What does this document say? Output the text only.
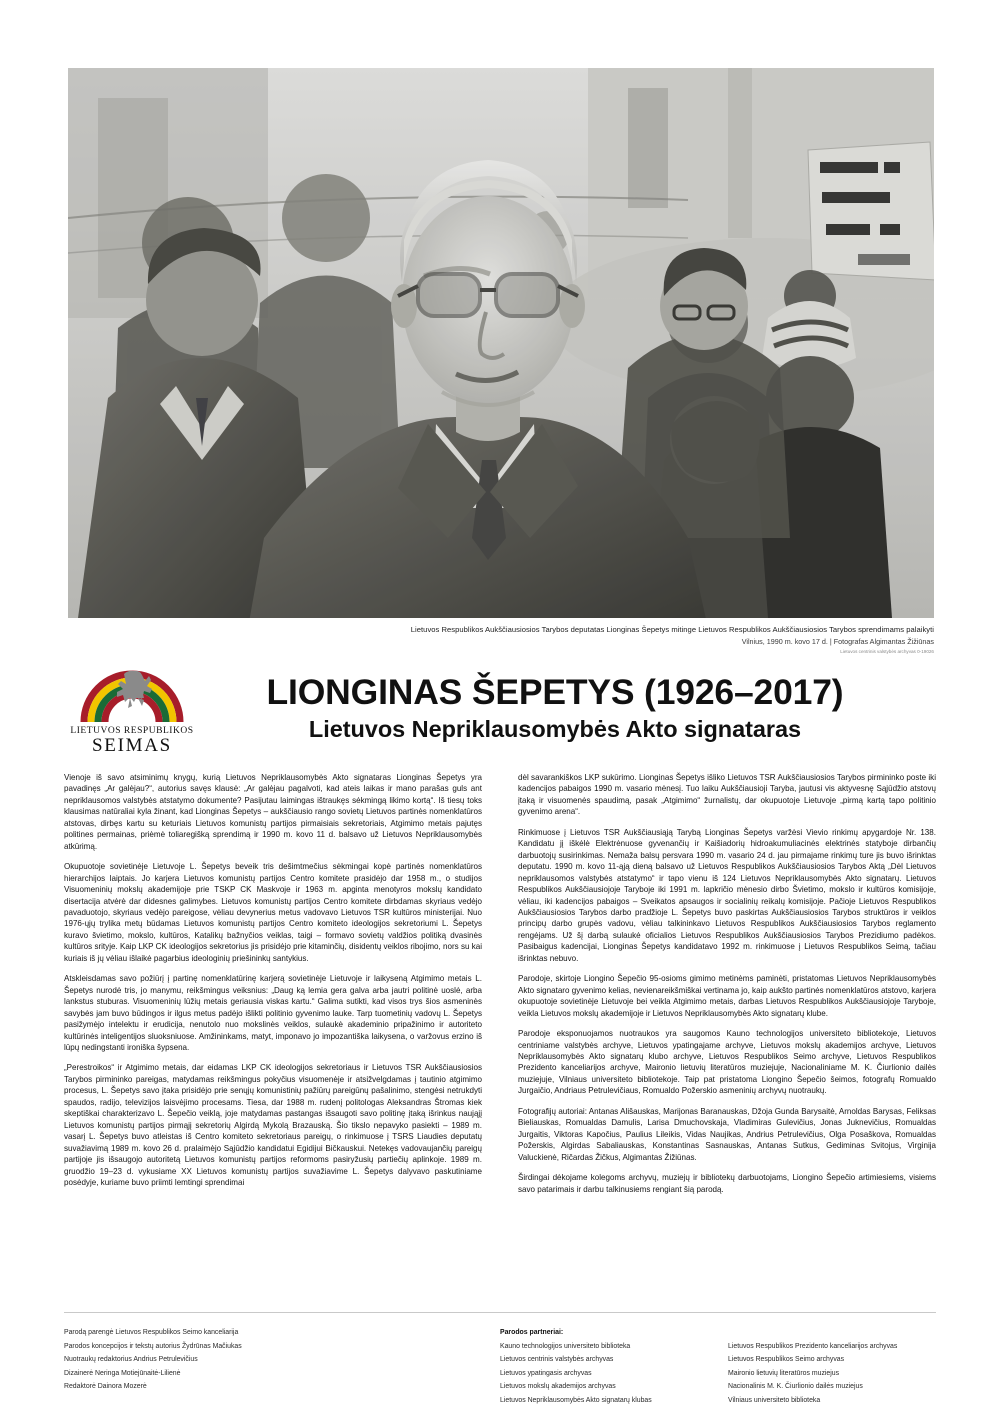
Lietuvos Respublikos Aukščiausiosios Tarybos deputatas Lionginas Šepetys mitinge Lietuvos Respublikos Aukščiausiosios Tarybos sprendimams palaikyti
Vilnius, 1990 m. kovo 17 d. | Fotografas Algimantas Žižiūnas
Lietuvos centrinis valstybės archyvas 0-19026
LIETUVOS RESPUBLIKOS
SEIMAS
LIONGINAS ŠEPETYS (1926–2017)
Lietuvos Nepriklausomybės Akto signataras

Vienoje iš savo atsiminimų knygų, kurią Lietuvos Nepriklausomybės Akto signataras Lionginas Šepetys yra pavadinęs „Ar galėjau?“, autorius savęs klausė: „Ar galėjau pagalvoti, kad ateis laikas ir mano parašas guls ant nepriklausomos valstybės atstatymo dokumente? Pasijutau laimingas ištraukęs sėkmingą likimo kortą“. Iš tiesų toks klausimas natūraliai kyla žinant, kad Lionginas Šepetys – aukščiausio rango sovietų Lietuvos partinės nomenklatūros atstovas, dirbęs kartu su keturiais Lietuvos komunistų partijos pirmaisiais sekretoriais, Atgimimo metais pajutęs politines permainas, priėmė toliaregišką sprendimą ir 1990 m. kovo 11 d. balsavo už Lietuvos Nepriklausomybės atkūrimą.

Okupuotoje sovietinėje Lietuvoje L. Šepetys beveik tris dešimtmečius sėkmingai kopė partinės nomenklatūros hierarchijos laiptais. Jo karjera Lietuvos komunistų partijos Centro komitete prasidėjo dar 1958 m., o studijos Visuomeninių mokslų akademijoje prie TSKP CK Maskvoje ir 1963 m. apginta menotyros mokslų kandidato disertacija atvėrė dar didesnes galimybes. Lietuvos komunistų partijos Centro komitete dirbdamas skyriaus vedėjo pavaduotojo, skyriaus vedėjo pareigose, vėliau devynerius metus vadovavo Lietuvos TSR kultūros ministerijai. Nuo 1976-ųjų trylika metų būdamas Lietuvos komunistų partijos Centro komiteto ideologijos sekretoriumi L. Šepetys kuravo švietimo, mokslo, kultūros, Katalikų bažnyčios veiklas, taigi – formavo sovietų valdžios politiką dvasinės kultūros srityje. Kaip LKP CK ideologijos sekretorius jis prisidėjo prie kitaminčių, disidentų veiklos ribojimo, nors su kai kuriais iš jų vėliau išlaikė pagarbius ideologinių priešininkų santykius.

Atskleisdamas savo požiūrį į partinę nomenklatūrinę karjerą sovietinėje Lietuvoje ir laikyseną Atgimimo metais L. Šepetys nurodė tris, jo manymu, reikšmingus veiksnius: „Daug ką lemia gera galva arba jautri politinė uoslė, arba lankstus stuburas. Visuomeninių lūžių metais geriausia viskas kartu.“ Galima sutikti, kad visos trys šios asmeninės savybės jam buvo būdingos ir ilgus metus padėjo išlikti politinio gyvenimo lauke. Tarp tuometinių vadovų L. Šepetys pasižymėjo intelektu ir erudicija, nenutolo nuo mokslinės veiklos, sulaukė akademinio pripažinimo ir autoriteto kultūrinės inteligentijos sluoksniuose. Amžininkams, matyt, imponavo jo impozantiška laikysena, o varžovus erzino iš lūpų nedingstanti ironiška šypsena.

„Perestroikos“ ir Atgimimo metais, dar eidamas LKP CK ideologijos sekretoriaus ir Lietuvos TSR Aukščiausiosios Tarybos pirmininko pareigas, matydamas reikšmingus pokyčius visuomenėje ir atsižvelgdamas į tautinio atgimimo procesus, L. Šepetys savo įtaka prisidėjo prie senųjų komunistinių pažiūrų pareigūnų pašalinimo, stengėsi netrukdyti spaudos, radijo, televizijos laisvėjimo procesams. Tiesa, dar 1988 m. rudenį politologas Aleksandras Štromas kiek skeptiškai charakterizavo L. Šepečio veiklą, joje matydamas pastangas išsaugoti savo politinę įtaką išrinkus naująjį Lietuvos komunistų partijos pirmąjį sekretorių Algirdą Mykolą Brazauską. Šio tikslo nepavyko pasiekti – 1989 m. vasarį L. Šepetys buvo atleistas iš Centro komiteto sekretoriaus pareigų, o rinkimuose į TSRS Liaudies deputatų suvažiavimą 1989 m. kovo 26 d. pralaimėjo Sąjūdžio kandidatui Egidijui Bičkauskui. Netekęs vadovaujančių pareigų partijoje jis išsaugojo autoritetą Lietuvos komunistų partijos reformoms pasiryžusių partiečių aplinkoje. 1989 m. gruodžio 19–23 d. vykusiame XX Lietuvos komunistų partijos suvažiavime L. Šepetys dalyvavo paskutiniame posėdyje, kuriame buvo priimti lemtingi sprendimai

dėl savarankiškos LKP sukūrimo. Lionginas Šepetys išliko Lietuvos TSR Aukščiausiosios Tarybos pirmininko poste iki kadencijos pabaigos 1990 m. vasario mėnesį. Tuo laiku Aukščiausioji Taryba, jautusi vis aktyvesnę Sąjūdžio atstovų įtaką ir visuomenės spaudimą, pasak „Atgimimo“ žurnalistų, dar okupuotoje Lietuvoje „pirmą kartą tapo politinio gyvenimo arena“.

Rinkimuose į Lietuvos TSR Aukščiausiąją Tarybą Lionginas Šepetys varžėsi Vievio rinkimų apygardoje Nr. 138. Kandidatu jį iškėlė Elektrėnuose gyvenančių ir Kaišiadorių hidroakumuliacinės elektrinės statyboje dirbančių darbuotojų susirinkimas. Nemaža balsų persvara 1990 m. vasario 24 d. jau pirmajame rinkimų ture jis buvo išrinktas deputatu. 1990 m. kovo 11-ąją dieną balsavo už Lietuvos Respublikos Aukščiausiosios Tarybos Aktą „Dėl Lietuvos nepriklausomos valstybės atstatymo“ ir tapo vienu iš 124 Lietuvos Nepriklausomybės Akto signatarų. Lietuvos Respublikos Aukščiausiojoje Taryboje iki 1991 m. lapkričio mėnesio dirbo Švietimo, mokslo ir kultūros komisijoje, vėliau, iki kadencijos pabaigos – Sveikatos apsaugos ir socialinių reikalų komisijoje. Pačioje Lietuvos Respublikos Aukščiausiosios Tarybos darbo pradžioje L. Šepetys buvo paskirtas Aukščiausiosios Tarybos struktūros ir veiklos principų darbo grupės vadovu, vėliau talkininkavo Lietuvos Respublikos Aukščiausiosios Tarybos reglamento rengėjams. Už šį darbą sulaukė oficialios Lietuvos Respublikos Aukščiausiosios Tarybos Prezidiumo padėkos. Pasibaigus kadencijai, Lionginas Šepetys kandidatavo 1992 m. rinkimuose į Lietuvos Respublikos Seimą, tačiau išrinktas nebuvo.

Parodoje, skirtoje Liongino Šepečio 95-osioms gimimo metinėms paminėti, pristatomas Lietuvos Nepriklausomybės Akto signataro gyvenimo kelias, nevienareikšmiškai vertinama jo, kaip aukšto partinės nomenklatūros atstovo, karjera okupuotoje sovietinėje Lietuvoje bei veikla Atgimimo metais, darbas Lietuvos Respublikos Aukščiausiojoje Taryboje, veikla Lietuvos mokslų akademijoje ir Lietuvos Nepriklausomybės Akto signatarų klube.

Parodoje eksponuojamos nuotraukos yra saugomos Kauno technologijos universiteto bibliotekoje, Lietuvos centriniame valstybės archyve, Lietuvos ypatingajame archyve, Lietuvos mokslų akademijos archyve, Lietuvos Nepriklausomybės Akto signatarų klubo archyve, Lietuvos Respublikos Seimo archyve, Lietuvos Respublikos Prezidento kanceliarijos archyve, Maironio lietuvių literatūros muziejuje, Nacionaliniame M. K. Čiurlionio dailės muziejuje, Vilniaus universiteto bibliotekoje. Taip pat pristatoma Liongino Šepečio šeimos, fotografų Romualdo Jurgaičio, Andriaus Petrulevičiaus, Romualdo Požerskio asmeninių archyvų nuotraukų.

Fotografijų autoriai: Antanas Ališauskas, Marijonas Baranauskas, Džoja Gunda Barysaitė, Arnoldas Barysas, Feliksas Bieliauskas, Romualdas Damulis, Larisa Dmuchovskaja, Vladimiras Gulevičius, Jonas Juknevičius, Romualdas Jurgaitis, Viktoras Kapočius, Paulius Lileikis, Vidas Naujikas, Andrius Petrulevičius, Olga Posaškova, Romualdas Požerskis, Algirdas Sabaliauskas, Konstantinas Sasnauskas, Antanas Sutkus, Gediminas Svitojus, Virginija Valuckienė, Ričardas Žičkus, Algimantas Žižiūnas.

Širdingai dėkojame kolegoms archyvų, muziejų ir bibliotekų darbuotojams, Liongino Šepečio artimiesiems, visiems savo patarimais ir darbu talkinusiems rengiant šią parodą.

Parodą parengė Lietuvos Respublikos Seimo kanceliarija
Parodos koncepcijos ir tekstų autorius Žydrūnas Mačiukas
Nuotraukų redaktorius Andrius Petrulevičius
Dizainerė Neringa Motiejūnaitė-Lilienė
Redaktorė Dainora Mozerė
Parodos partneriai:
Kauno technologijos universiteto biblioteka
Lietuvos centrinis valstybės archyvas
Lietuvos ypatingasis archyvas
Lietuvos mokslų akademijos archyvas
Lietuvos Nepriklausomybės Akto signatarų klubas
Lietuvos Respublikos Prezidento kanceliarijos archyvas
Lietuvos Respublikos Seimo archyvas
Maironio lietuvių literatūros muziejus
Nacionalinis M. K. Čiurlionio dailės muziejus
Vilniaus universiteto biblioteka
